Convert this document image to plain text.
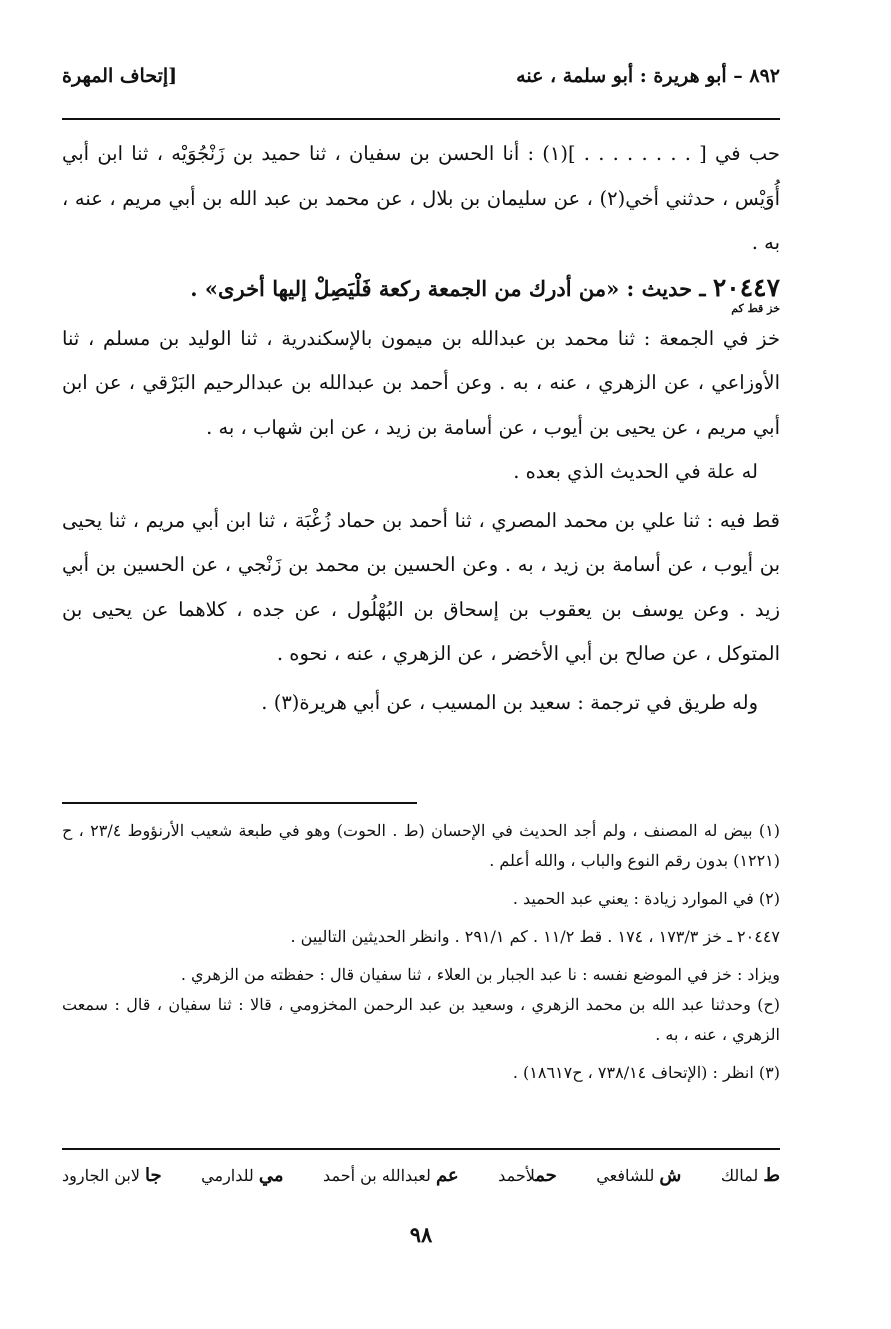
٨٩٢ – أبو هريرة : أبو سلمة ، عنه
[إتحاف المهرة

حب في [ . . . . . . . . ](١) : أنا الحسن بن سفيان ، ثنا حميد بن زَنْجُوَيْه ، ثنا ابن أبي أُوَيْس ، حدثني أخي(٢) ، عن سليمان بن بلال ، عن محمد بن عبد الله بن أبي مريم ، عنه ، به .

٢٠٤٤٧ ـ حديث : «من أدرك من الجمعة ركعة فَلْيَصِلْ إليها أخرى» .

خز قط كم

خز في الجمعة : ثنا محمد بن عبدالله بن ميمون بالإسكندرية ، ثنا الوليد بن مسلم ، ثنا الأوزاعي ، عن الزهري ، عنه ، به . وعن أحمد بن عبدالله بن عبدالرحيم البَرْقي ، عن ابن أبي مريم ، عن يحيى بن أيوب ، عن أسامة بن زيد ، عن ابن شهاب ، به .

له علة في الحديث الذي بعده .

قط فيه : ثنا علي بن محمد المصري ، ثنا أحمد بن حماد زُغْبَة ، ثنا ابن أبي مريم ، ثنا يحيى بن أيوب ، عن أسامة بن زيد ، به . وعن الحسين بن محمد بن زَنْجي ، عن الحسين بن أبي زيد . وعن يوسف بن يعقوب بن إسحاق بن البُهْلُول ، عن جده ، كلاهما عن يحيى بن المتوكل ، عن صالح بن أبي الأخضر ، عن الزهري ، عنه ، نحوه .

وله طريق في ترجمة : سعيد بن المسيب ، عن أبي هريرة(٣) .

(١) بيض له المصنف ، ولم أجد الحديث في الإحسان (ط . الحوت) وهو في طبعة شعيب الأرنؤوط ٢٣/٤ ، ح (١٢٢١) بدون رقم النوع والباب ، والله أعلم .

(٢) في الموارد زيادة : يعني عبد الحميد .

٢٠٤٤٧ ـ خز ١٧٣/٣ ، ١٧٤ . قط ١١/٢ . كم ٢٩١/١ . وانظر الحديثين التاليين .

ويزاد : خز في الموضع نفسه : نا عبد الجبار بن العلاء ، ثنا سفيان قال : حفظته من الزهري .

(ح) وحدثنا عبد الله بن محمد الزهري ، وسعيد بن عبد الرحمن المخزومي ، قالا : ثنا سفيان ، قال : سمعت الزهري ، عنه ، به .

(٣) انظر : (الإتحاف ٧٣٨/١٤ ، ح١٨٦١٧) .

ط لمالك
ش للشافعي
حملأحمد
عم لعبدالله بن أحمد
مي للدارمي
جا لابن الجارود
٩٨
